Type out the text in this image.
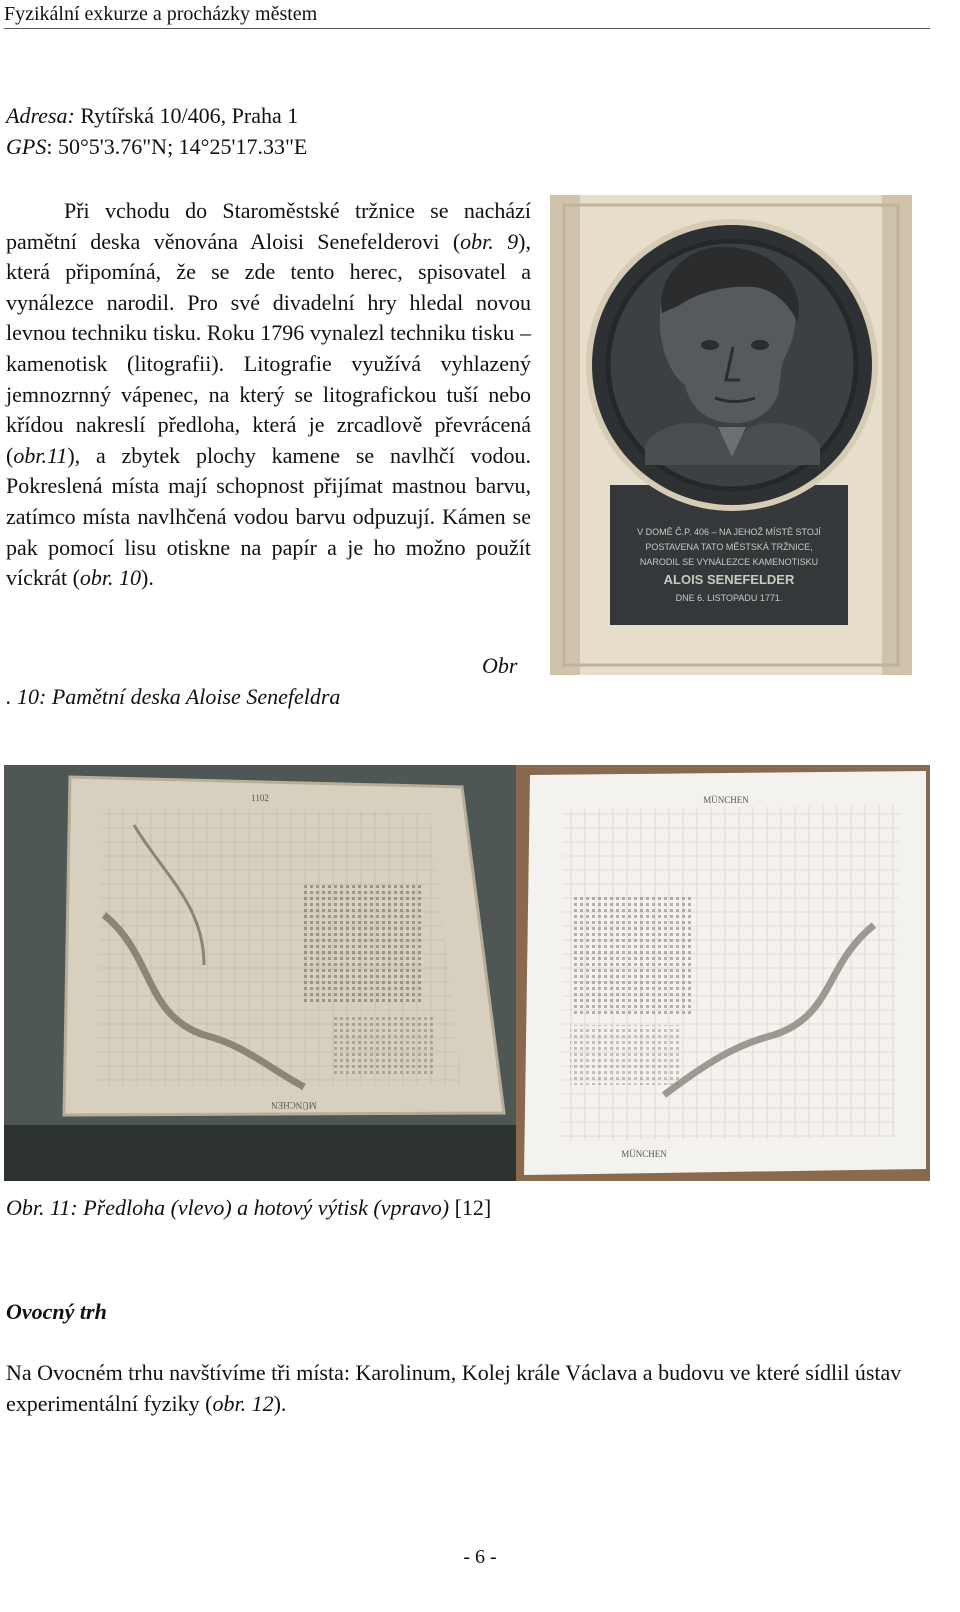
Fyzikální exkurze a procházky městem
Adresa: Rytířská 10/406, Praha 1
GPS: 50°5'3.76"N; 14°25'17.33"E

Při vchodu do Staroměstské tržnice se nachází pamětní deska věnována Aloisi Senefelderovi (obr. 9), která připomíná, že se zde tento herec, spisovatel a vynálezce narodil. Pro své divadelní hry hledal novou levnou techniku tisku. Roku 1796 vynalezl techniku tisku – kamenotisk (litografii). Litografie využívá vyhlazený jemnozrnný vápenec, na který se litografickou tuší nebo křídou nakreslí předloha, která je zrcadlově převrácená (obr.11), a zbytek plochy kamene se navlhčí vodou. Pokreslená místa mají schopnost přijímat mastnou barvu, zatímco místa navlhčená vodou barvu odpuzují. Kámen se pak pomocí lisu otiskne na papír a je ho možno použít víckrát (obr. 10).

V DOMĚ Č.P. 406 – NA JEHOŽ MÍSTĚ STOJÍ
POSTAVENA TATO MĚSTSKÁ TRŽNICE,
NARODIL SE VYNÁLEZCE KAMENOTISKU
ALOIS SENEFELDER
DNE 6. LISTOPADU 1771.
Obr
. 10: Pamětní deska Aloise Senefeldra
1102
MÜNCHEN
MÜNCHEN
MÜNCHEN
Obr. 11: Předloha (vlevo) a hotový výtisk (vpravo) [12]
Ovocný trh
Na Ovocném trhu navštívíme tři místa: Karolinum, Kolej krále Václava a budovu ve které sídlil ústav experimentální fyziky (obr. 12).
- 6 -
